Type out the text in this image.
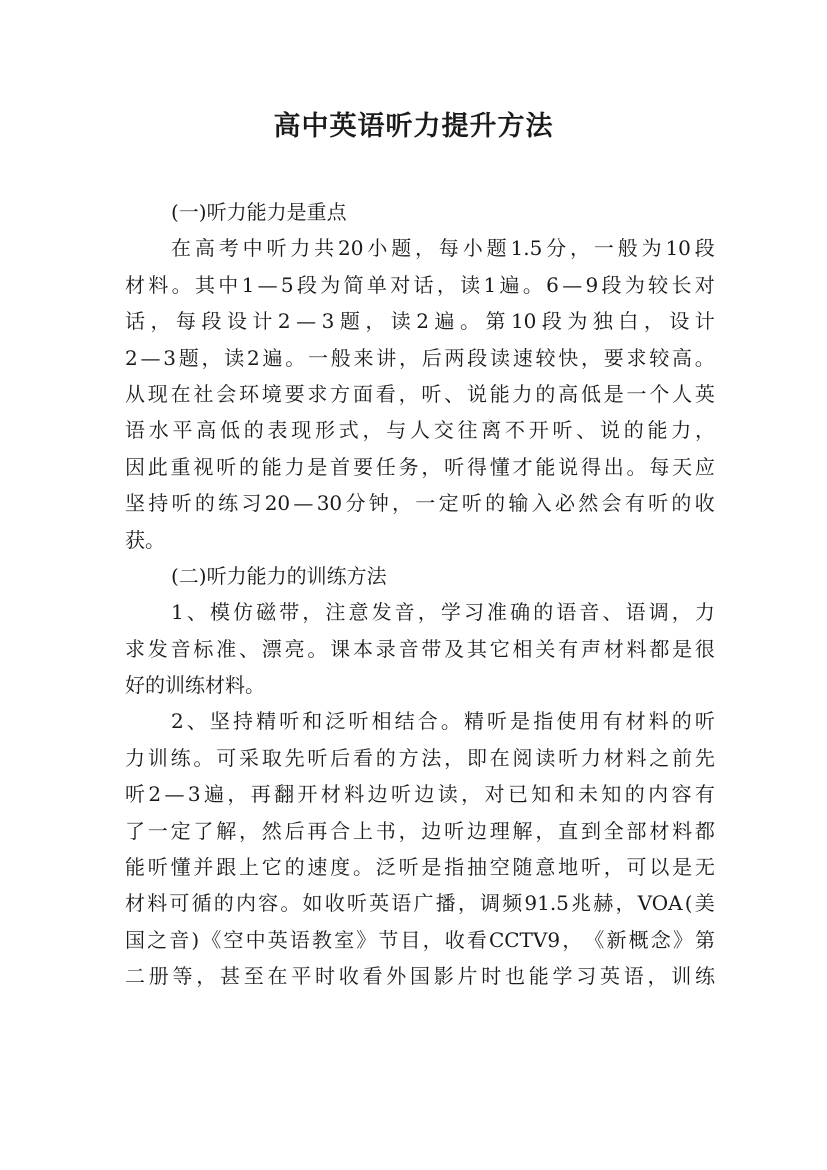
高中英语听力提升方法
(一)听力能力是重点
在 高 考 中 听 力 共 20 小 题 ， 每 小 题 1.5 分 ， 一 般 为 10 段
材 料 。 其 中 1 — 5 段 为 简 单 对 话 ， 读 1 遍 。 6 — 9 段 为 较 长 对
话 ， 每 段 设 计 2 — 3 题 ， 读 2 遍 。 第 10 段 为 独 白 ， 设 计
2 — 3 题 ， 读 2 遍 。 一 般 来 讲 ， 后 两 段 读 速 较 快 ， 要 求 较 高 。
从 现 在 社 会 环 境 要 求 方 面 看 ， 听 、 说 能 力 的 高 低 是 一 个 人 英
语 水 平 高 低 的 表 现 形 式 ， 与 人 交 往 离 不 开 听 、 说 的 能 力 ，
因 此 重 视 听 的 能 力 是 首 要 任 务 ， 听 得 懂 才 能 说 得 出 。 每 天 应
坚 持 听 的 练 习 20 — 30 分 钟 ， 一 定 听 的 输 入 必 然 会 有 听 的 收
获。
(二)听力能力的训练方法
1 、 模 仿 磁 带 ， 注 意 发 音 ， 学 习 准 确 的 语 音 、 语 调 ， 力
求 发 音 标 准 、 漂 亮 。 课 本 录 音 带 及 其 它 相 关 有 声 材 料 都 是 很
好的训练材料。
2 、 坚 持 精 听 和 泛 听 相 结 合 。 精 听 是 指 使 用 有 材 料 的 听
力 训 练 。 可 采 取 先 听 后 看 的 方 法 ， 即 在 阅 读 听 力 材 料 之 前 先
听 2 — 3 遍 ， 再 翻 开 材 料 边 听 边 读 ， 对 已 知 和 未 知 的 内 容 有
了 一 定 了 解 ， 然 后 再 合 上 书 ， 边 听 边 理 解 ， 直 到 全 部 材 料 都
能 听 懂 并 跟 上 它 的 速 度 。 泛 听 是 指 抽 空 随 意 地 听 ， 可 以 是 无
材 料 可 循 的 内 容 。 如 收 听 英 语 广 播 ， 调 频 91.5 兆 赫 ， VOA ( 美
国 之 音 ) 《 空 中 英 语 教 室 》 节 目 ， 收 看 CCTV9 ， 《 新 概 念 》 第
二 册 等 ， 甚 至 在 平 时 收 看 外 国 影 片 时 也 能 学 习 英 语 ， 训 练
